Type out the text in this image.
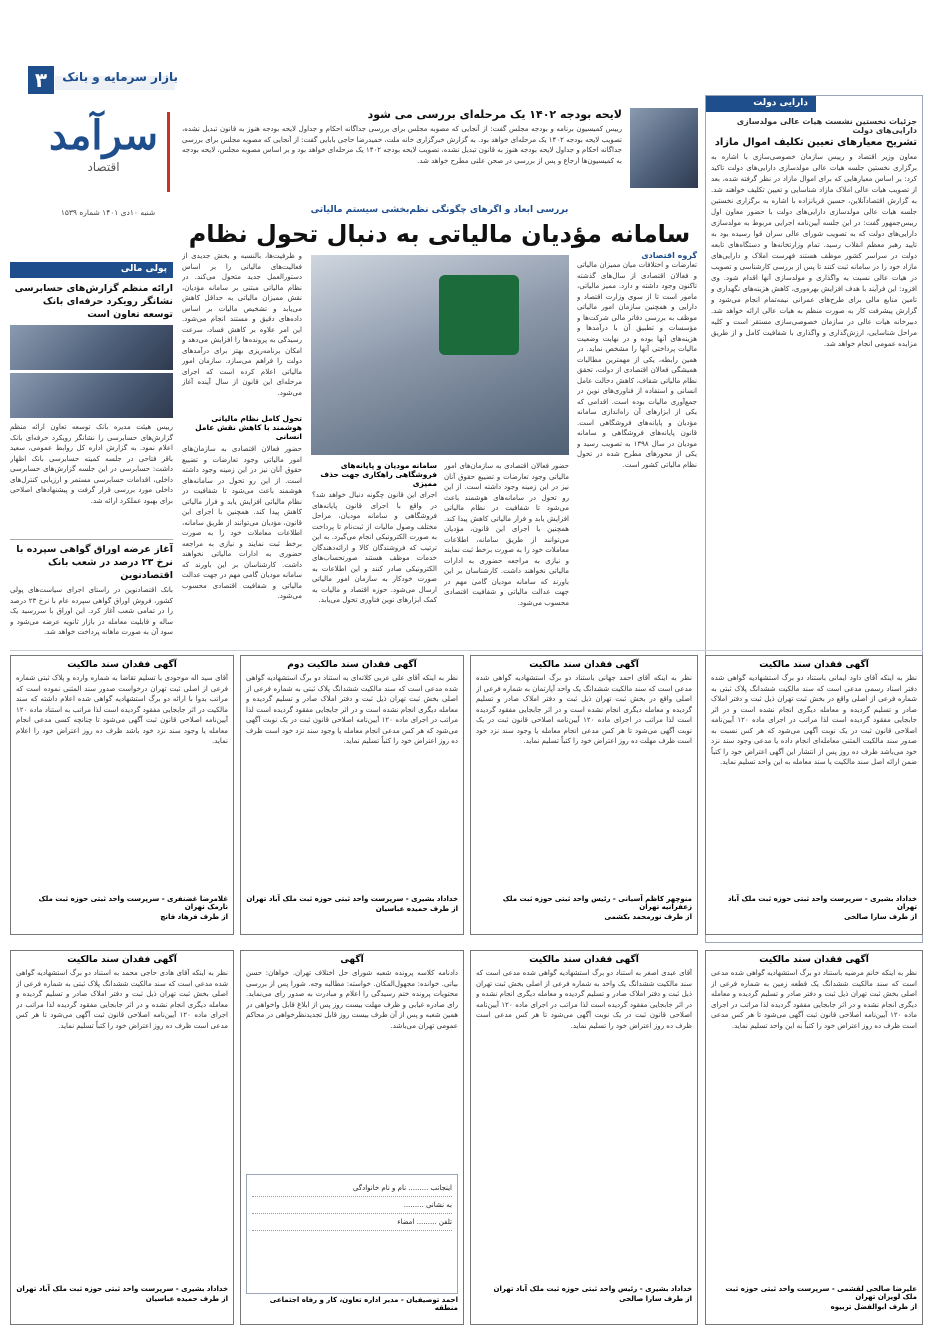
۳	بازار سرمایه و بانک
سرآمد
اقتصاد
شنبه ۱۰دی ۱۴۰۱ شماره ۱۵۳۹
پولی مالی
ارائه منظم گزارش‌های حسابرسی نشانگر رویکرد حرفه‌ای بانک توسعه تعاون است
رییس هیئت مدیره بانک توسعه تعاون ارائه منظم گزارش‌های حسابرسی را نشانگر رویکرد حرفه‌ای بانک اعلام نمود. به گزارش اداره کل روابط عمومی، سعید باقر فتاحی در جلسه کمیته حسابرسی بانک اظهار داشت: حسابرسی در این جلسه گزارش‌های حسابرسی داخلی، اقدامات حسابرسی مستمر و ارزیابی کنترل‌های داخلی مورد بررسی قرار گرفت و پیشنهادهای اصلاحی برای بهبود عملکرد ارائه شد.
آغاز عرضه اوراق گواهی سپرده با نرخ ۲۳ درصد در شعب بانک اقتصادنوین
بانک اقتصادنوین در راستای اجرای سیاست‌های پولی کشور، فروش اوراق گواهی سپرده عام با نرخ ۲۳ درصد را در تمامی شعب آغاز کرد. این اوراق با سررسید یک ساله و قابلیت معامله در بازار ثانویه عرضه می‌شود و سود آن به صورت ماهانه پرداخت خواهد شد.
لایحه بودجه ۱۴۰۲ یک مرحله‌ای بررسی می‌ شود
رییس کمیسیون برنامه و بودجه مجلس گفت: از آنجایی که مصوبه مجلس برای بررسی جداگانه احکام و جداول لایحه بودجه هنوز به قانون تبدیل نشده، تصویب لایحه بودجه ۱۴۰۲ یک مرحله‌ای خواهد بود. به گزارش خبرگزاری خانه ملت، حمیدرضا حاجی بابایی گفت: از آنجایی که مصوبه مجلس برای بررسی جداگانه احکام و جداول لایحه بودجه هنوز به قانون تبدیل نشده، تصویب لایحه بودجه ۱۴۰۲ یک مرحله‌ای خواهد بود و بر اساس مصوبه مجلس، لایحه بودجه به کمیسیون‌ها ارجاع و پس از بررسی در صحن علنی مطرح خواهد شد.
دارایی دولت
جزئیات نخستین نشست هیات عالی مولدسازی دارایی‌های دولت
تشریح معیارهای تعیین تکلیف اموال مازاد
معاون وزیر اقتصاد و رییس سازمان خصوصی‌سازی با اشاره به برگزاری نخستین جلسه هیات عالی مولدسازی دارایی‌های دولت تاکید کرد: بر اساس معیارهایی که برای اموال مازاد در نظر گرفته شده، بعد از تصویب هیات عالی املاک مازاد شناسایی و تعیین تکلیف خواهند شد. به گزارش اقتصادآنلاین، حسین قربانزاده با اشاره به برگزاری نخستین جلسه هیات عالی مولدسازی دارایی‌های دولت با حضور معاون اول رییس‌جمهور گفت: در این جلسه آیین‌نامه اجرایی مربوط به مولدسازی دارایی‌های دولت که به تصویب شورای عالی سران قوا رسیده بود به تایید رهبر معظم انقلاب رسید. تمام وزارتخانه‌ها و دستگاه‌های تابعه دولت در سراسر کشور موظف هستند فهرست املاک و دارایی‌های مازاد خود را در سامانه ثبت کنند تا پس از بررسی کارشناسی و تصویب در هیات عالی نسبت به واگذاری و مولدسازی آنها اقدام شود. وی افزود: این فرآیند با هدف افزایش بهره‌وری، کاهش هزینه‌های نگهداری و تامین منابع مالی برای طرح‌های عمرانی نیمه‌تمام انجام می‌شود و گزارش پیشرفت کار به صورت منظم به هیات عالی ارائه خواهد شد. دبیرخانه هیات عالی در سازمان خصوصی‌سازی مستقر است و کلیه مراحل شناسایی، ارزش‌گذاری و واگذاری با شفافیت کامل و از طریق مزایده عمومی انجام خواهد شد.
بررسی ابعاد و اگرهای چگونگی نظم‌بخشی سیستم مالیاتی
سامانه مؤدیان مالیاتی به دنبال تحول نظام
گروه اقتصادی
تعارضات و اختلافات میان ممیزان مالیاتی و فعالان اقتصادی از سال‌های گذشته تاکنون وجود داشته و دارد. ممیز مالیاتی، مامور است تا از سوی وزارت اقتصاد و دارایی و همچنین سازمان امور مالیاتی موظف به بررسی دفاتر مالی شرکت‌ها و مؤسسات و تطبیق آن با درآمدها و هزینه‌های آنها بوده و در نهایت وضعیت مالیات پرداختی آنها را مشخص نماید. در همین رابطه، یکی از مهمترین مطالبات همیشگی فعالان اقتصادی از دولت، تحقق نظام مالیاتی شفاف، کاهش دخالت عامل انسانی و استفاده از فناوری‌های نوین در جمع‌آوری مالیات بوده است. اقدامی که یکی از ابزارهای آن راه‌اندازی سامانه مؤدیان و پایانه‌های فروشگاهی است. قانون پایانه‌های فروشگاهی و سامانه مودیان در سال ۱۳۹۸ به تصویب رسید و یکی از محورهای مطرح شده در تحول نظام مالیاتی کشور است.
حضور فعالان اقتصادی به سازمان‌های امور مالیاتی وجود تعارضات و تضییع حقوق آنان نیز در این زمینه وجود داشته است. از این رو تحول در سامانه‌های هوشمند باعث می‌شود تا شفافیت در نظام مالیاتی افزایش یابد و فرار مالیاتی کاهش پیدا کند. همچنین با اجرای این قانون، مؤدیان می‌توانند از طریق سامانه، اطلاعات معاملات خود را به صورت برخط ثبت نمایند و نیازی به مراجعه حضوری به ادارات مالیاتی نخواهند داشت. کارشناسان بر این باورند که سامانه مودیان گامی مهم در جهت عدالت مالیاتی و شفافیت اقتصادی محسوب می‌شود.
سامانه مودیان و پایانه‌های فروشگاهی راهکاری جهت حذف ممیزی
اجرای این قانون چگونه دنبال خواهد شد؟ در واقع با اجرای قانون پایانه‌های فروشگاهی و سامانه مودیان، مراحل مختلف وصول مالیات از ثبت‌نام تا پرداخت به صورت الکترونیکی انجام می‌گیرد. به این ترتیب که فروشندگان کالا و ارائه‌دهندگان خدمات موظف هستند صورتحساب‌های الکترونیکی صادر کنند و این اطلاعات به صورت خودکار به سازمان امور مالیاتی ارسال می‌شود. حوزه اقتصاد و مالیات به کمک ابزارهای نوین فناوری تحول می‌یابد.
و ظرفیت‌ها، بالنسبه و بخش جدیدی از فعالیت‌های مالیاتی را بر اساس دستورالعمل جدید متحول می‌کند. در نظام مالیاتی مبتنی بر سامانه مؤدیان، نقش ممیزان مالیاتی به حداقل کاهش می‌یابد و تشخیص مالیات بر اساس داده‌های دقیق و مستند انجام می‌شود. این امر علاوه بر کاهش فساد، سرعت رسیدگی به پرونده‌ها را افزایش می‌دهد و امکان برنامه‌ریزی بهتر برای درآمدهای دولت را فراهم می‌سازد. سازمان امور مالیاتی اعلام کرده است که اجرای مرحله‌ای این قانون از سال آینده آغاز می‌شود.
تحول کامل نظام مالیاتی هوشمند با کاهش نقش عامل انسانی
حضور فعالان اقتصادی به سازمان‌های امور مالیاتی وجود تعارضات و تضییع حقوق آنان نیز در این زمینه وجود داشته است. از این رو تحول در سامانه‌های هوشمند باعث می‌شود تا شفافیت در نظام مالیاتی افزایش یابد و فرار مالیاتی کاهش پیدا کند. همچنین با اجرای این قانون، مؤدیان می‌توانند از طریق سامانه، اطلاعات معاملات خود را به صورت برخط ثبت نمایند و نیازی به مراجعه حضوری به ادارات مالیاتی نخواهند داشت. کارشناسان بر این باورند که سامانه مودیان گامی مهم در جهت عدالت مالیاتی و شفافیت اقتصادی محسوب می‌شود.
آگهی فقدان سند مالکیت
نظر به اینکه آقای داود ایمانی باستناد دو برگ استشهادیه گواهی شده دفتر اسناد رسمی مدعی است که سند مالکیت ششدانگ پلاک ثبتی به شماره فرعی از اصلی واقع در بخش ثبت تهران ذیل ثبت و دفتر املاک صادر و تسلیم گردیده و معامله دیگری انجام نشده است و در اثر جابجایی مفقود گردیده است لذا مراتب در اجرای ماده ۱۲۰ آیین‌نامه اصلاحی قانون ثبت در یک نوبت آگهی می‌شود که هر کس نسبت به صدور سند مالکیت المثنی معامله‌ای انجام داده یا مدعی وجود سند نزد خود می‌باشد ظرف ده روز پس از انتشار این آگهی اعتراض خود را کتباً ضمن ارائه اصل سند مالکیت یا سند معامله به این واحد تسلیم نماید.
خداداد بشیری - سرپرست واحد ثبتی حوزه ثبت ملک آباد تهران
از طرف سارا صالحی
آگهی فقدان سند مالکیت
نظر به اینکه آقای احمد جهانی باستناد دو برگ استشهادیه گواهی شده مدعی است که سند مالکیت ششدانگ یک واحد آپارتمان به شماره فرعی از اصلی واقع در بخش ثبت تهران ذیل ثبت و دفتر املاک صادر و تسلیم گردیده و معامله دیگری انجام نشده است و در اثر جابجایی مفقود گردیده است لذا مراتب در اجرای ماده ۱۲۰ آیین‌نامه اصلاحی قانون ثبت در یک نوبت آگهی می‌شود تا هر کس مدعی انجام معامله یا وجود سند نزد خود است ظرف مهلت ده روز اعتراض خود را کتباً تسلیم نماید.
منوچهر کاظم آسیانی - رئیس واحد ثبتی حوزه ثبت ملک زعفرانیه تهران
از طرف نورمحمد بکشمی
آگهی فقدان سند مالکیت دوم
نظر به اینکه آقای علی عربی کلاته‌ای به استناد دو برگ استشهادیه گواهی شده مدعی است که سند مالکیت ششدانگ پلاک ثبتی به شماره فرعی از اصلی بخش ثبت تهران ذیل ثبت و دفتر املاک صادر و تسلیم گردیده و معامله دیگری انجام نشده است و در اثر جابجایی مفقود گردیده است لذا مراتب در اجرای ماده ۱۲۰ آیین‌نامه اصلاحی قانون ثبت در یک نوبت آگهی می‌شود که هر کس مدعی انجام معامله یا وجود سند نزد خود است ظرف ده روز اعتراض خود را کتباً تسلیم نماید.
خداداد بشیری - سرپرست واحد ثبتی حوزه ثبت ملک آباد تهران
از طرف حمیده عباسیان
آگهی فقدان سند مالکیت
آقای سید اله موحودی با تسلیم تقاضا به شماره وارده و پلاک ثبتی شماره فرعی از اصلی ثبت تهران درخواست صدور سند المثنی نموده است که مراتب بدوا با ارائه دو برگ استشهادیه گواهی شده اعلام داشته که سند مالکیت در اثر جابجایی مفقود گردیده است لذا مراتب به استناد ماده ۱۲۰ آیین‌نامه اصلاحی قانون ثبت آگهی می‌شود تا چنانچه کسی مدعی انجام معامله یا وجود سند نزد خود باشد ظرف ده روز اعتراض خود را اعلام نماید.
غلامرضا غضنفری - سرپرست واحد ثبتی حوزه ثبت ملک نارمک تهران
از طرف فرهاد فانچ
آگهی فقدان سند مالکیت
نظر به اینکه خانم مرضیه باستناد دو برگ استشهادیه گواهی شده مدعی است که سند مالکیت ششدانگ یک قطعه زمین به شماره فرعی از اصلی بخش ثبت تهران ذیل ثبت و دفتر صادر و تسلیم گردیده و معامله دیگری انجام نشده و در اثر جابجایی مفقود گردیده لذا مراتب در اجرای ماده ۱۲۰ آیین‌نامه اصلاحی قانون ثبت آگهی می‌شود تا هر کس مدعی است ظرف ده روز اعتراض خود را کتباً به این واحد تسلیم نماید.
علیرضا صالحی لقشمی - سرپرست واحد ثبتی حوزه ثبت ملک لویزان تهران
از طرف ابوالفضل تربیوه
آگهی فقدان سند مالکیت
آقای عبدی اصغر به استناد دو برگ استشهادیه گواهی شده مدعی است که سند مالکیت ششدانگ یک واحد به شماره فرعی از اصلی بخش ثبت تهران ذیل ثبت و دفتر املاک صادر و تسلیم گردیده و معامله دیگری انجام نشده و در اثر جابجایی مفقود گردیده است لذا مراتب در اجرای ماده ۱۲۰ آیین‌نامه اصلاحی قانون ثبت در یک نوبت آگهی می‌شود تا هر کس مدعی است ظرف ده روز اعتراض خود را تسلیم نماید.
خداداد بشیری - رئیس واحد ثبتی حوزه ثبت ملک آباد تهران
از طرف سارا صالحی
آگهی
دادنامه کلاسه پرونده شعبه شورای حل اختلاف تهران. خواهان: حسن بیاتی. خوانده: مجهول‌المکان. خواسته: مطالبه وجه. شورا پس از بررسی محتویات پرونده ختم رسیدگی را اعلام و مبادرت به صدور رای می‌نماید. رای صادره غیابی و ظرف مهلت بیست روز پس از ابلاغ قابل واخواهی در همین شعبه و پس از آن ظرف بیست روز قابل تجدیدنظرخواهی در محاکم عمومی تهران می‌باشد.
اینجانب ......... نام و نام خانوادگی
به نشانی .........
تلفن ......... امضاء
احمد توصیفیان - مدیر اداره تعاون، کار و رفاه اجتماعی منطقه
آگهی فقدان سند مالکیت
نظر به اینکه آقای هادی حاجی محمد به استناد دو برگ استشهادیه گواهی شده مدعی است که سند مالکیت ششدانگ پلاک ثبتی به شماره فرعی از اصلی بخش ثبت تهران ذیل ثبت و دفتر املاک صادر و تسلیم گردیده و معامله دیگری انجام نشده و در اثر جابجایی مفقود گردیده لذا مراتب در اجرای ماده ۱۲۰ آیین‌نامه اصلاحی قانون ثبت آگهی می‌شود تا هر کس مدعی است ظرف ده روز اعتراض خود را کتباً تسلیم نماید.
خداداد بشیری - سرپرست واحد ثبتی حوزه ثبت ملک آباد تهران
از طرف حمیده عباسیان
